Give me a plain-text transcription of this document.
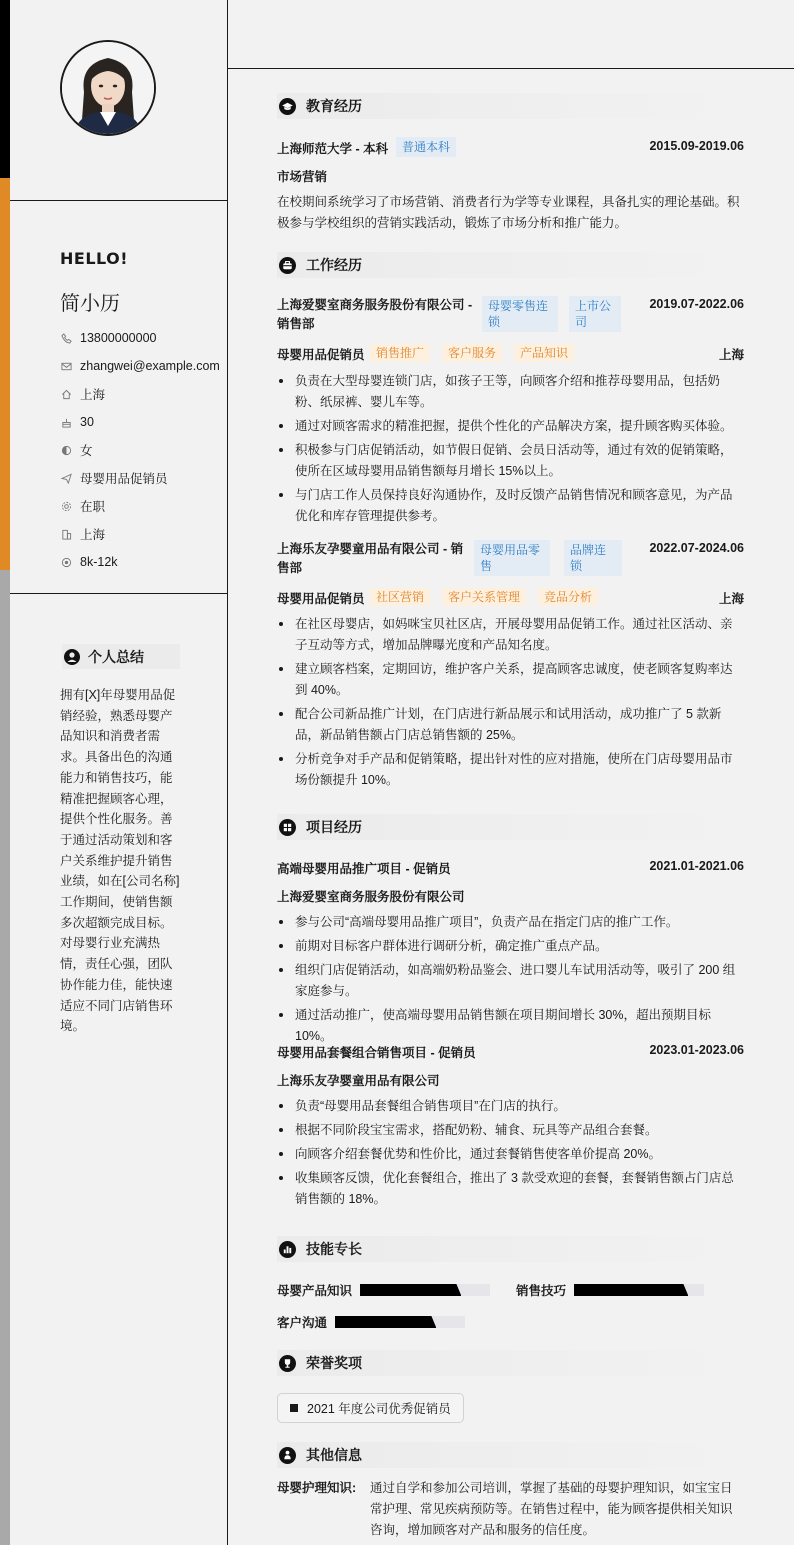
HELLO!
简小历
13800000000
zhangwei@example.com
上海
30
女
母婴用品促销员
在职
上海
8k-12k
个人总结
拥有[X]年母婴用品促销经验，熟悉母婴产品知识和消费者需求。具备出色的沟通能力和销售技巧，能精准把握顾客心理，提供个性化服务。善于通过活动策划和客户关系维护提升销售业绩，如在[公司名称]工作期间，使销售额多次超额完成目标。对母婴行业充满热情，责任心强，团队协作能力佳，能快速适应不同门店销售环境。
教育经历
上海师范大学 - 本科	普通本科	2015.09-2019.06
市场营销
在校期间系统学习了市场营销、消费者行为学等专业课程，具备扎实的理论基础。积极参与学校组织的营销实践活动，锻炼了市场分析和推广能力。
工作经历
上海爱婴室商务服务股份有限公司 - 销售部
母婴零售连锁
上市公司
2019.07-2022.06
母婴用品促销员 销售推广	客户服务	产品知识	上海
负责在大型母婴连锁门店，如孩子王等，向顾客介绍和推荐母婴用品，包括奶粉、纸尿裤、婴儿车等。
通过对顾客需求的精准把握，提供个性化的产品解决方案，提升顾客购买体验。
积极参与门店促销活动，如节假日促销、会员日活动等，通过有效的促销策略，使所在区域母婴用品销售额每月增长 15%以上。
与门店工作人员保持良好沟通协作，及时反馈产品销售情况和顾客意见，为产品优化和库存管理提供参考。
上海乐友孕婴童用品有限公司 - 销售部
母婴用品零售
品牌连锁
2022.07-2024.06
母婴用品促销员 社区营销	客户关系管理	竞品分析	上海
在社区母婴店，如妈咪宝贝社区店，开展母婴用品促销工作。通过社区活动、亲子互动等方式，增加品牌曝光度和产品知名度。
建立顾客档案，定期回访，维护客户关系，提高顾客忠诚度，使老顾客复购率达到 40%。
配合公司新品推广计划，在门店进行新品展示和试用活动，成功推广了 5 款新品，新品销售额占门店总销售额的 25%。
分析竞争对手产品和促销策略，提出针对性的应对措施，使所在门店母婴用品市场份额提升 10%。
项目经历
高端母婴用品推广项目 - 促销员	2021.01-2021.06
上海爱婴室商务服务股份有限公司
参与公司“高端母婴用品推广项目”，负责产品在指定门店的推广工作。
前期对目标客户群体进行调研分析，确定推广重点产品。
组织门店促销活动，如高端奶粉品鉴会、进口婴儿车试用活动等，吸引了 200 组家庭参与。
通过活动推广，使高端母婴用品销售额在项目期间增长 30%，超出预期目标 10%。
母婴用品套餐组合销售项目 - 促销员	2023.01-2023.06
上海乐友孕婴童用品有限公司
负责“母婴用品套餐组合销售项目”在门店的执行。
根据不同阶段宝宝需求，搭配奶粉、辅食、玩具等产品组合套餐。
向顾客介绍套餐优势和性价比，通过套餐销售使客单价提高 20%。
收集顾客反馈，优化套餐组合，推出了 3 款受欢迎的套餐，套餐销售额占门店总销售额的 18%。
技能专长
母婴产品知识	销售技巧
客户沟通
荣誉奖项
2021 年度公司优秀促销员
其他信息
母婴护理知识: 通过自学和参加公司培训，掌握了基础的母婴护理知识，如宝宝日常护理、常见疾病预防等。在销售过程中，能为顾客提供相关知识咨询，增加顾客对产品和服务的信任度。
